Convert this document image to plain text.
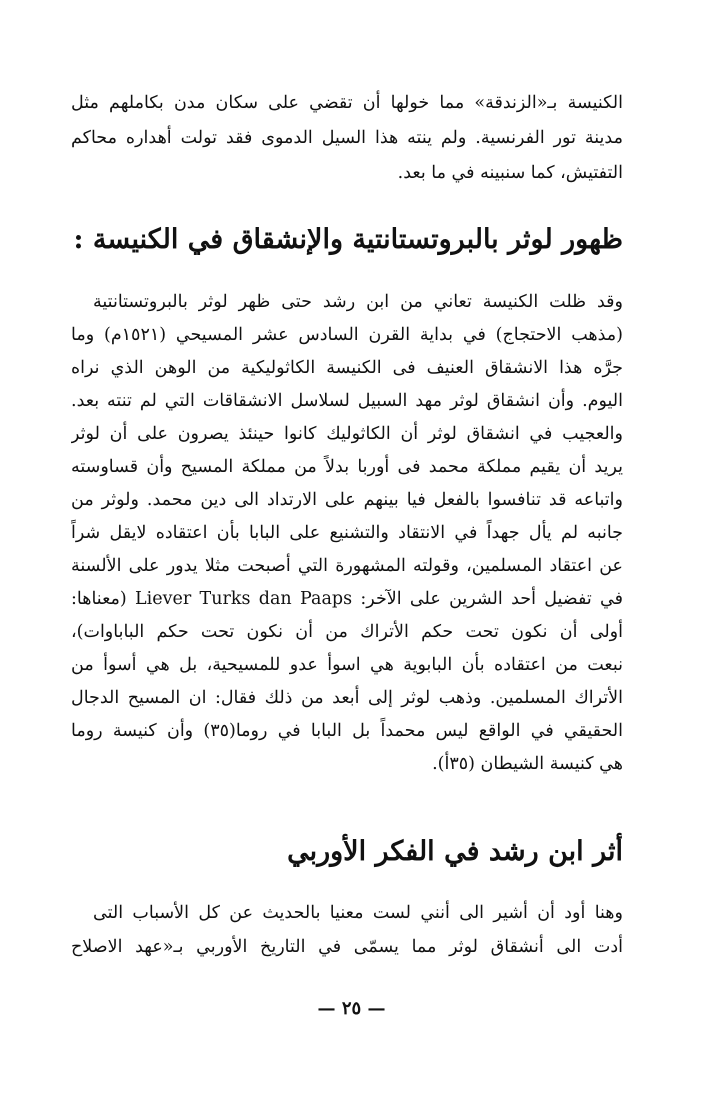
الكنيسة بـ«الزندقة» مما خولها أن تقضي على سكان مدن بكاملهم مثل
مدينة تور الفرنسية. ولم ينته هذا السيل الدموى فقد تولت أهداره محاكم
التفتيش، كما سنبينه في ما بعد.
ظهور لوثر بالبروتستانتية والإنشقاق في الكنيسة :
وقد ظلت الكنيسة تعاني من ابن رشد حتى ظهر لوثر بالبروتستانتية
(مذهب الاحتجاج) في بداية القرن السادس عشر المسيحي (١٥٢١م) وما
جرَّه هذا الانشقاق العنيف فى الكنيسة الكاثوليكية من الوهن الذي نراه
اليوم. وأن انشقاق لوثر مهد السبيل لسلاسل الانشقاقات التي لم تنته بعد.
والعجيب في انشقاق لوثر أن الكاثوليك كانوا حينئذ يصرون على أن لوثر
يريد أن يقيم مملكة محمد فى أوربا بدلاً من مملكة المسيح وأن قساوسته
واتباعه قد تنافسوا بالفعل فيا بينهم على الارتداد الى دين محمد. ولوثر من
جانبه لم يأل جهداً في الانتقاد والتشنيع على البابا بأن اعتقاده لايقل شراً
عن اعتقاد المسلمين، وقولته المشهورة التي أصبحت مثلا يدور على الألسنة
في تفضيل أحد الشرين على الآخر: Liever Turks dan Paaps (معناها:
أولى أن نكون تحت حكم الأتراك من أن نكون تحت حكم الباباوات)،
نبعت من اعتقاده بأن البابوية هي اسوأ عدو للمسيحية، بل هي أسوأ من
الأتراك المسلمين. وذهب لوثر إلى أبعد من ذلك فقال: ان المسيح الدجال
الحقيقي في الواقع ليس محمداً بل البابا في روما(٣٥) وأن كنيسة روما
هي كنيسة الشيطان (٣٥أ).
أثر ابن رشد في الفكر الأوربي
وهنا أود أن أشير الى أنني لست معنيا بالحديث عن كل الأسباب التى
أدت الى أنشقاق لوثر مما يسمّى في التاريخ الأوربي بـ«عهد الاصلاح
— ٢٥ —
